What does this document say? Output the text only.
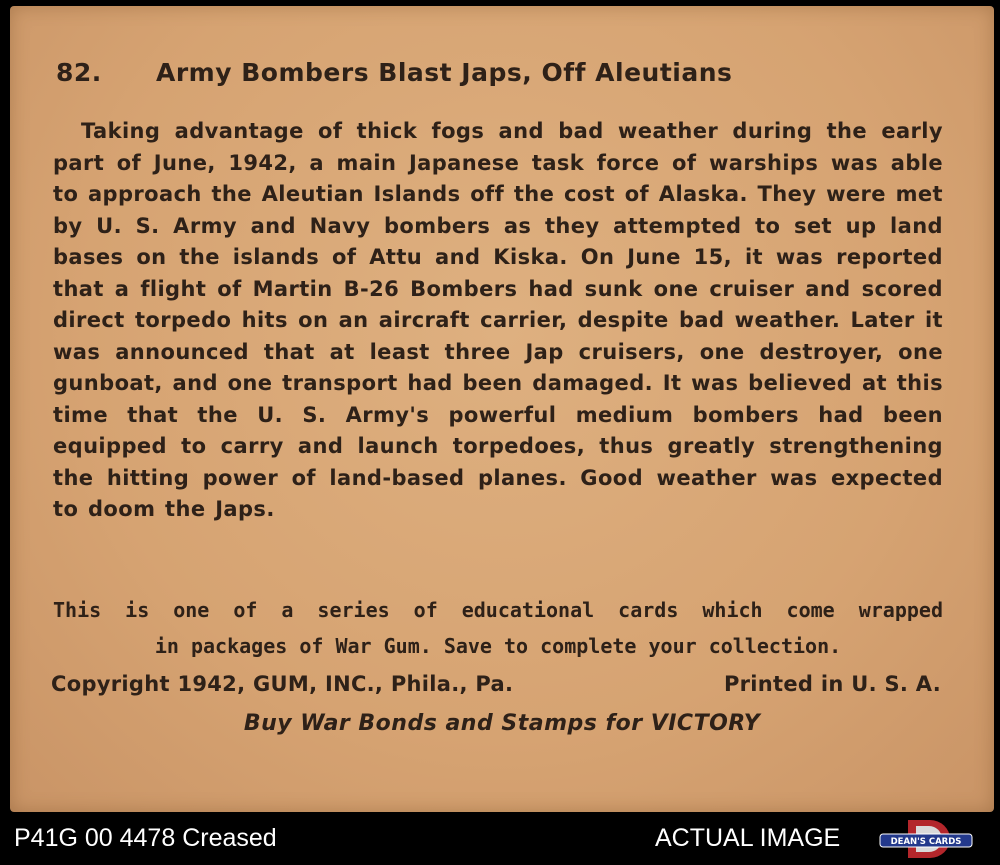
82. Army Bombers Blast Japs, Off Aleutians
Taking advantage of thick fogs and bad weather during the early part of June, 1942, a main Japanese task force of warships was able to approach the Aleutian Islands off the cost of Alaska. They were met by U. S. Army and Navy bombers as they attempted to set up land bases on the islands of Attu and Kiska. On June 15, it was reported that a flight of Martin B-26 Bombers had sunk one cruiser and scored direct torpedo hits on an aircraft carrier, despite bad weather. Later it was announced that at least three Jap cruisers, one destroyer, one gunboat, and one transport had been damaged. It was believed at this time that the U. S. Army's powerful medium bombers had been equipped to carry and launch torpedoes, thus greatly strengthening the hitting power of land-based planes. Good weather was expected to doom the Japs.
This is one of a series of educational cards which come wrapped
in packages of War Gum. Save to complete your collection.
Copyright 1942, GUM, INC., Phila., Pa.	Printed in U. S. A.
Buy War Bonds and Stamps for VICTORY
P41G 00 4478 Creased	ACTUAL IMAGE	DEAN'S CARDS
